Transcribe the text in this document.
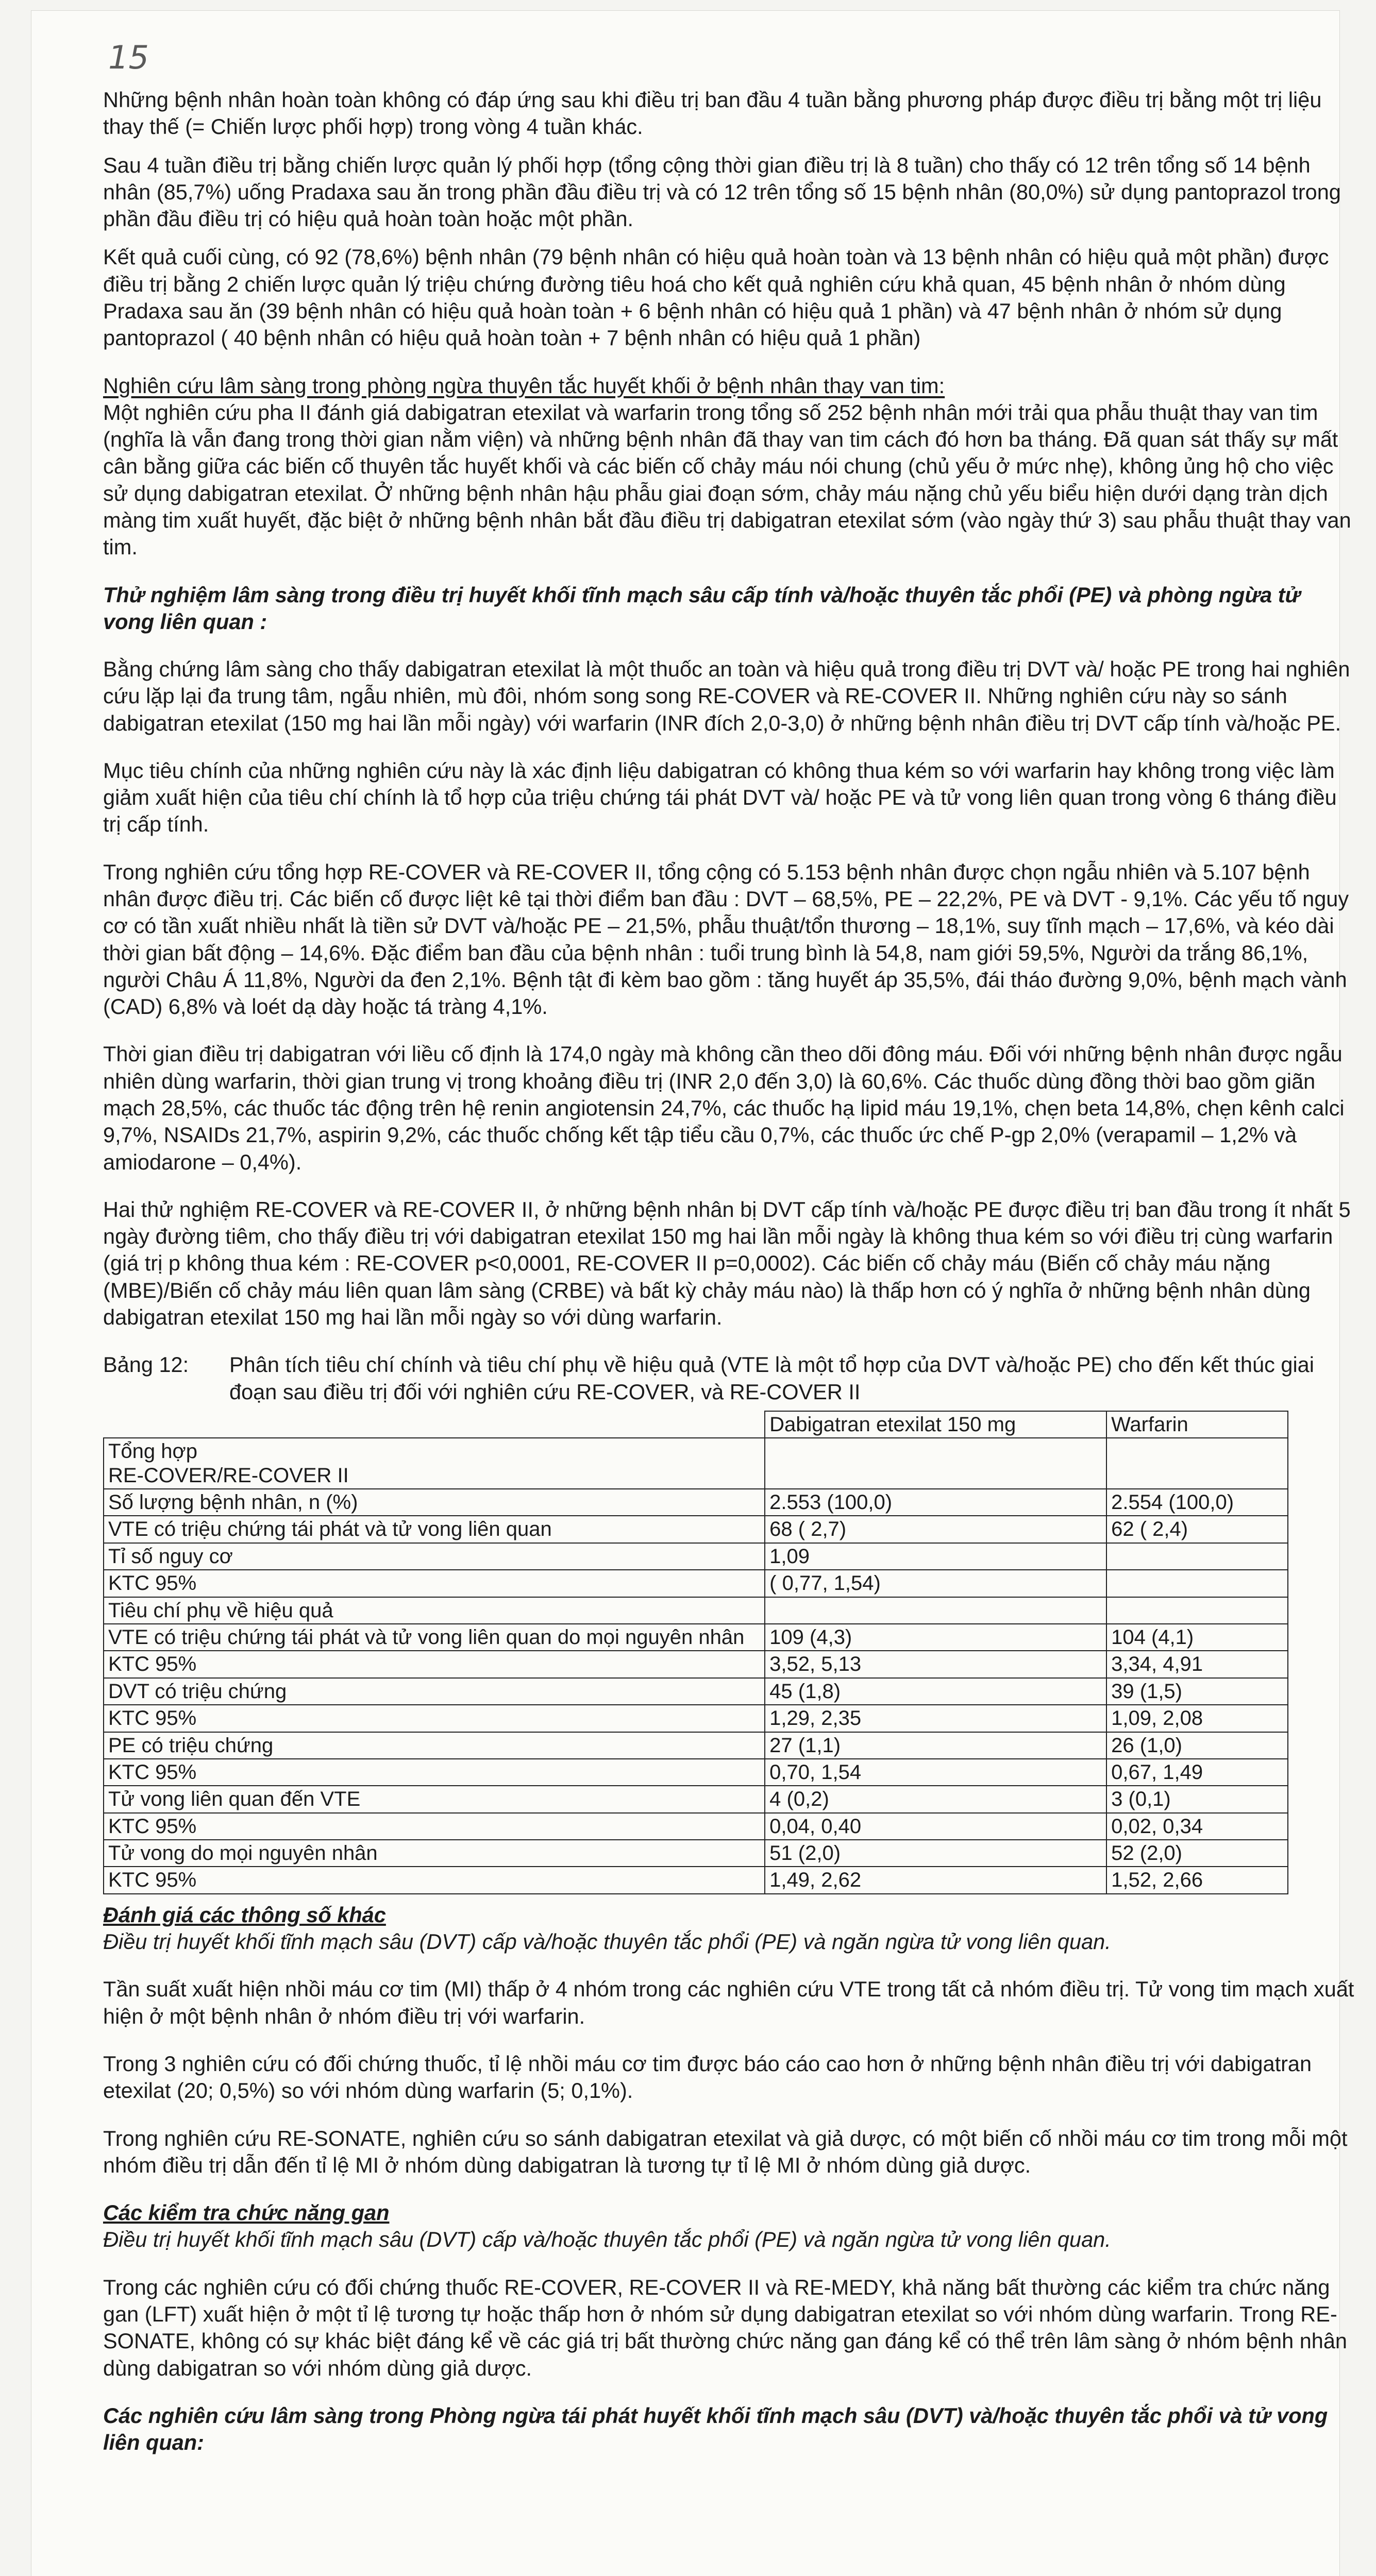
15

Những bệnh nhân hoàn toàn không có đáp ứng sau khi điều trị ban đầu 4 tuần bằng phương pháp được điều trị bằng một trị liệu thay thế (= Chiến lược phối hợp) trong vòng 4 tuần khác.

Sau 4 tuần điều trị bằng chiến lược quản lý phối hợp (tổng cộng thời gian điều trị là 8 tuần) cho thấy có 12 trên tổng số 14 bệnh nhân (85,7%) uống Pradaxa sau ăn trong phần đầu điều trị và có 12 trên tổng số 15 bệnh nhân (80,0%) sử dụng pantoprazol trong phần đầu điều trị có hiệu quả hoàn toàn hoặc một phần.

Kết quả cuối cùng, có 92 (78,6%) bệnh nhân (79 bệnh nhân có hiệu quả hoàn toàn và 13 bệnh nhân có hiệu quả một phần) được điều trị bằng 2 chiến lược quản lý triệu chứng đường tiêu hoá cho kết quả nghiên cứu khả quan, 45 bệnh nhân ở nhóm dùng Pradaxa sau ăn (39 bệnh nhân có hiệu quả hoàn toàn + 6 bệnh nhân có hiệu quả 1 phần) và 47 bệnh nhân ở nhóm sử dụng pantoprazol ( 40 bệnh nhân có hiệu quả hoàn toàn + 7 bệnh nhân có hiệu quả 1 phần)

Nghiên cứu lâm sàng trong phòng ngừa thuyên tắc huyết khối ở bệnh nhân thay van tim:

Một nghiên cứu pha II đánh giá dabigatran etexilat và warfarin trong tổng số 252 bệnh nhân mới trải qua phẫu thuật thay van tim (nghĩa là vẫn đang trong thời gian nằm viện) và những bệnh nhân đã thay van tim cách đó hơn ba tháng. Đã quan sát thấy sự mất cân bằng giữa các biến cố thuyên tắc huyết khối và các biến cố chảy máu nói chung (chủ yếu ở mức nhẹ), không ủng hộ cho việc sử dụng dabigatran etexilat. Ở những bệnh nhân hậu phẫu giai đoạn sớm, chảy máu nặng chủ yếu biểu hiện dưới dạng tràn dịch màng tim xuất huyết, đặc biệt ở những bệnh nhân bắt đầu điều trị dabigatran etexilat sớm (vào ngày thứ 3) sau phẫu thuật thay van tim.

Thử nghiệm lâm sàng trong điều trị huyết khối tĩnh mạch sâu cấp tính và/hoặc thuyên tắc phổi (PE) và phòng ngừa tử vong liên quan :

Bằng chứng lâm sàng cho thấy dabigatran etexilat là một thuốc an toàn và hiệu quả trong điều trị DVT và/ hoặc PE trong hai nghiên cứu lặp lại đa trung tâm, ngẫu nhiên, mù đôi, nhóm song song RE-COVER và RE-COVER II. Những nghiên cứu này so sánh dabigatran etexilat (150 mg hai lần mỗi ngày) với warfarin (INR đích 2,0-3,0) ở những bệnh nhân điều trị DVT cấp tính và/hoặc PE.

Mục tiêu chính của những nghiên cứu này là xác định liệu dabigatran có không thua kém so với warfarin hay không trong việc làm giảm xuất hiện của tiêu chí chính là tổ hợp của triệu chứng tái phát DVT và/ hoặc PE và tử vong liên quan trong vòng 6 tháng điều trị cấp tính.

Trong nghiên cứu tổng hợp RE-COVER và RE-COVER II, tổng cộng có 5.153 bệnh nhân được chọn ngẫu nhiên và 5.107 bệnh nhân được điều trị. Các biến cố được liệt kê tại thời điểm ban đầu : DVT – 68,5%, PE – 22,2%, PE và DVT - 9,1%. Các yếu tố nguy cơ có tần xuất nhiều nhất là tiền sử DVT và/hoặc PE – 21,5%, phẫu thuật/tổn thương – 18,1%, suy tĩnh mạch – 17,6%, và kéo dài thời gian bất động – 14,6%. Đặc điểm ban đầu của bệnh nhân : tuổi trung bình là 54,8, nam giới 59,5%, Người da trắng 86,1%, người Châu Á 11,8%, Người da đen 2,1%. Bệnh tật đi kèm bao gồm : tăng huyết áp 35,5%, đái tháo đường 9,0%, bệnh mạch vành (CAD) 6,8% và loét dạ dày hoặc tá tràng 4,1%.

Thời gian điều trị dabigatran với liều cố định là 174,0 ngày mà không cần theo dõi đông máu. Đối với những bệnh nhân được ngẫu nhiên dùng warfarin, thời gian trung vị trong khoảng điều trị (INR 2,0 đến 3,0) là 60,6%. Các thuốc dùng đồng thời bao gồm giãn mạch 28,5%, các thuốc tác động trên hệ renin angiotensin 24,7%, các thuốc hạ lipid máu 19,1%, chẹn beta 14,8%, chẹn kênh calci 9,7%, NSAIDs 21,7%, aspirin 9,2%, các thuốc chống kết tập tiểu cầu 0,7%, các thuốc ức chế P-gp 2,0% (verapamil – 1,2% và amiodarone – 0,4%).

Hai thử nghiệm RE-COVER và RE-COVER II, ở những bệnh nhân bị DVT cấp tính và/hoặc PE được điều trị ban đầu trong ít nhất 5 ngày đường tiêm, cho thấy điều trị với dabigatran etexilat 150 mg hai lần mỗi ngày là không thua kém so với điều trị cùng warfarin (giá trị p không thua kém : RE-COVER p<0,0001, RE-COVER II p=0,0002). Các biến cố chảy máu (Biến cố chảy máu nặng (MBE)/Biến cố chảy máu liên quan lâm sàng (CRBE) và bất kỳ chảy máu nào) là thấp hơn có ý nghĩa ở những bệnh nhân dùng dabigatran etexilat 150 mg hai lần mỗi ngày so với dùng warfarin.

Bảng 12:	Phân tích tiêu chí chính và tiêu chí phụ về hiệu quả (VTE là một tổ hợp của DVT và/hoặc PE) cho đến kết thúc giai đoạn sau điều trị đối với nghiên cứu RE-COVER, và RE-COVER II
	Dabigatran etexilat 150 mg	Warfarin
Tổng hợp
RE-COVER/RE-COVER II		
Số lượng bệnh nhân, n (%)	2.553 (100,0)	2.554 (100,0)
VTE có triệu chứng tái phát và tử vong liên quan	68 ( 2,7)	62 ( 2,4)
Tỉ số nguy cơ	1,09	
KTC 95%	( 0,77, 1,54)	
Tiêu chí phụ về hiệu quả		
VTE có triệu chứng tái phát và tử vong liên quan do mọi nguyên nhân	109 (4,3)	104 (4,1)
KTC 95%	3,52, 5,13	3,34, 4,91
DVT có triệu chứng	45 (1,8)	39 (1,5)
KTC 95%	1,29, 2,35	1,09, 2,08
PE có triệu chứng	27 (1,1)	26 (1,0)
KTC 95%	0,70, 1,54	0,67, 1,49
Tử vong liên quan đến VTE	4 (0,2)	3 (0,1)
KTC 95%	0,04, 0,40	0,02, 0,34
Tử vong do mọi nguyên nhân	51 (2,0)	52 (2,0)
KTC 95%	1,49, 2,62	1,52, 2,66
Đánh giá các thông số khác

Điều trị huyết khối tĩnh mạch sâu (DVT) cấp và/hoặc thuyên tắc phổi (PE) và ngăn ngừa tử vong liên quan.

Tần suất xuất hiện nhồi máu cơ tim (MI) thấp ở 4 nhóm trong các nghiên cứu VTE trong tất cả nhóm điều trị. Tử vong tim mạch xuất hiện ở một bệnh nhân ở nhóm điều trị với warfarin.

Trong 3 nghiên cứu có đối chứng thuốc, tỉ lệ nhồi máu cơ tim được báo cáo cao hơn ở những bệnh nhân điều trị với dabigatran etexilat (20; 0,5%) so với nhóm dùng warfarin (5; 0,1%).

Trong nghiên cứu RE-SONATE, nghiên cứu so sánh dabigatran etexilat và giả dược, có một biến cố nhồi máu cơ tim trong mỗi một nhóm điều trị dẫn đến tỉ lệ MI ở nhóm dùng dabigatran là tương tự tỉ lệ MI ở nhóm dùng giả dược.

Các kiểm tra chức năng gan

Điều trị huyết khối tĩnh mạch sâu (DVT) cấp và/hoặc thuyên tắc phổi (PE) và ngăn ngừa tử vong liên quan.

Trong các nghiên cứu có đối chứng thuốc RE-COVER, RE-COVER II và RE-MEDY, khả năng bất thường các kiểm tra chức năng gan (LFT) xuất hiện ở một tỉ lệ tương tự hoặc thấp hơn ở nhóm sử dụng dabigatran etexilat so với nhóm dùng warfarin. Trong RE-SONATE, không có sự khác biệt đáng kể về các giá trị bất thường chức năng gan đáng kể có thể trên lâm sàng ở nhóm bệnh nhân dùng dabigatran so với nhóm dùng giả dược.

Các nghiên cứu lâm sàng trong Phòng ngừa tái phát huyết khối tĩnh mạch sâu (DVT) và/hoặc thuyên tắc phổi và tử vong liên quan:
